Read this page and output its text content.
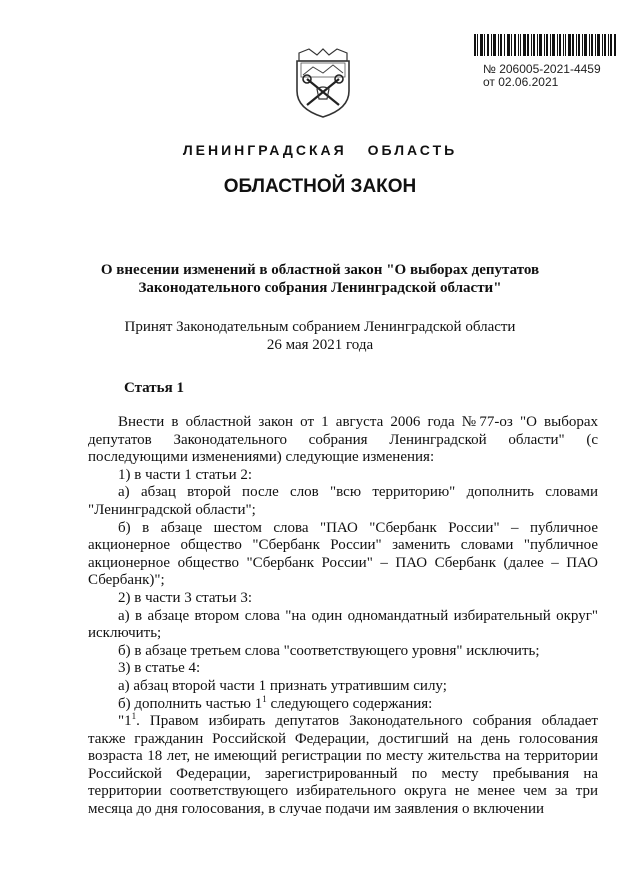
№ 206005-2021-4459
от 02.06.2021
ЛЕНИНГРАДСКАЯ ОБЛАСТЬ
ОБЛАСТНОЙ ЗАКОН
О внесении изменений в областной закон "О выборах депутатов
Законодательного собрания Ленинградской области"
Принят Законодательным собранием Ленинградской области
26 мая 2021 года
Статья 1

Внести в областной закон от 1 августа 2006 года №77-оз "О выборах депутатов Законодательного собрания Ленинградской области" (с последующими изменениями) следующие изменения:

1) в части 1 статьи 2:

а) абзац второй после слов "всю территорию" дополнить словами "Ленинградской области";

б) в абзаце шестом слова "ПАО "Сбербанк России" – публичное акционерное общество "Сбербанк России" заменить словами "публичное акционерное общество "Сбербанк России" – ПАО Сбербанк (далее – ПАО Сбербанк)";

2) в части 3 статьи 3:

а) в абзаце втором слова "на один одномандатный избирательный округ" исключить;

б) в абзаце третьем слова "соответствующего уровня" исключить;

3) в статье 4:

а) абзац второй части 1 признать утратившим силу;

б) дополнить частью $1^1$ следующего содержания:

"$1^1$. Правом избирать депутатов Законодательного собрания обладает также гражданин Российской Федерации, достигший на день голосования возраста 18 лет, не имеющий регистрации по месту жительства на территории Российской Федерации, зарегистрированный по месту пребывания на территории соответствующего избирательного округа не менее чем за три месяца до дня голосования, в случае подачи им заявления о включении
